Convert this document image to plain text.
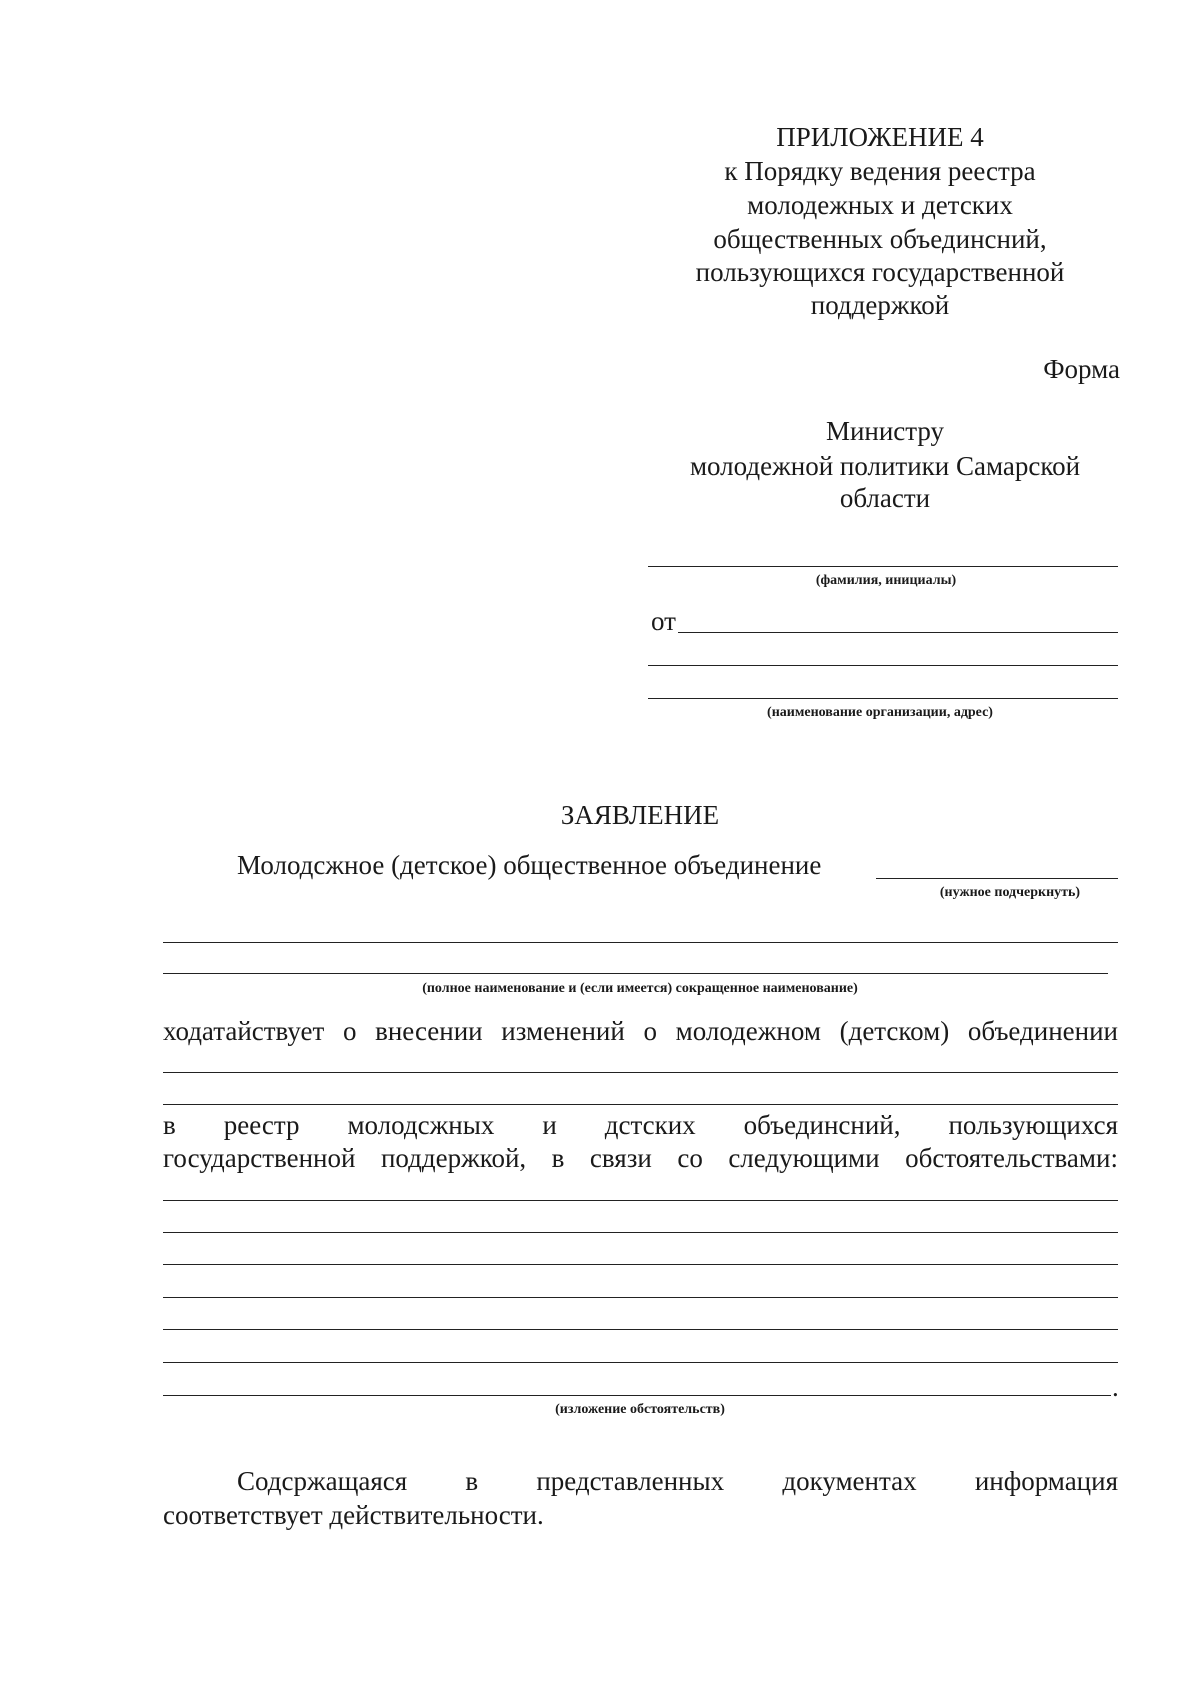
ПРИЛОЖЕНИЕ 4
к Порядку ведения реестра
молодежных и детских
общественных объединсний,
пользующихся государственной
поддержкой
Форма
Министру
молодежной политики Самарской
области
(фамилия, инициалы)
от
(наименование организации, адрес)
ЗАЯВЛЕНИЕ
Молодсжное (детское) общественное объединение
(нужное подчеркнуть)
(полное наименование и (если имеется) сокращенное наименование)
ходатайствует о внесении изменений о молодежном (детском) объединении
в реестр молодсжных и дстских объединсний, пользующихся
государственной поддержкой, в связи со следующими обстоятельствами:
.
(изложение обстоятельств)
Содсржащаяся в представленных документах информация
соответствует действительности.
